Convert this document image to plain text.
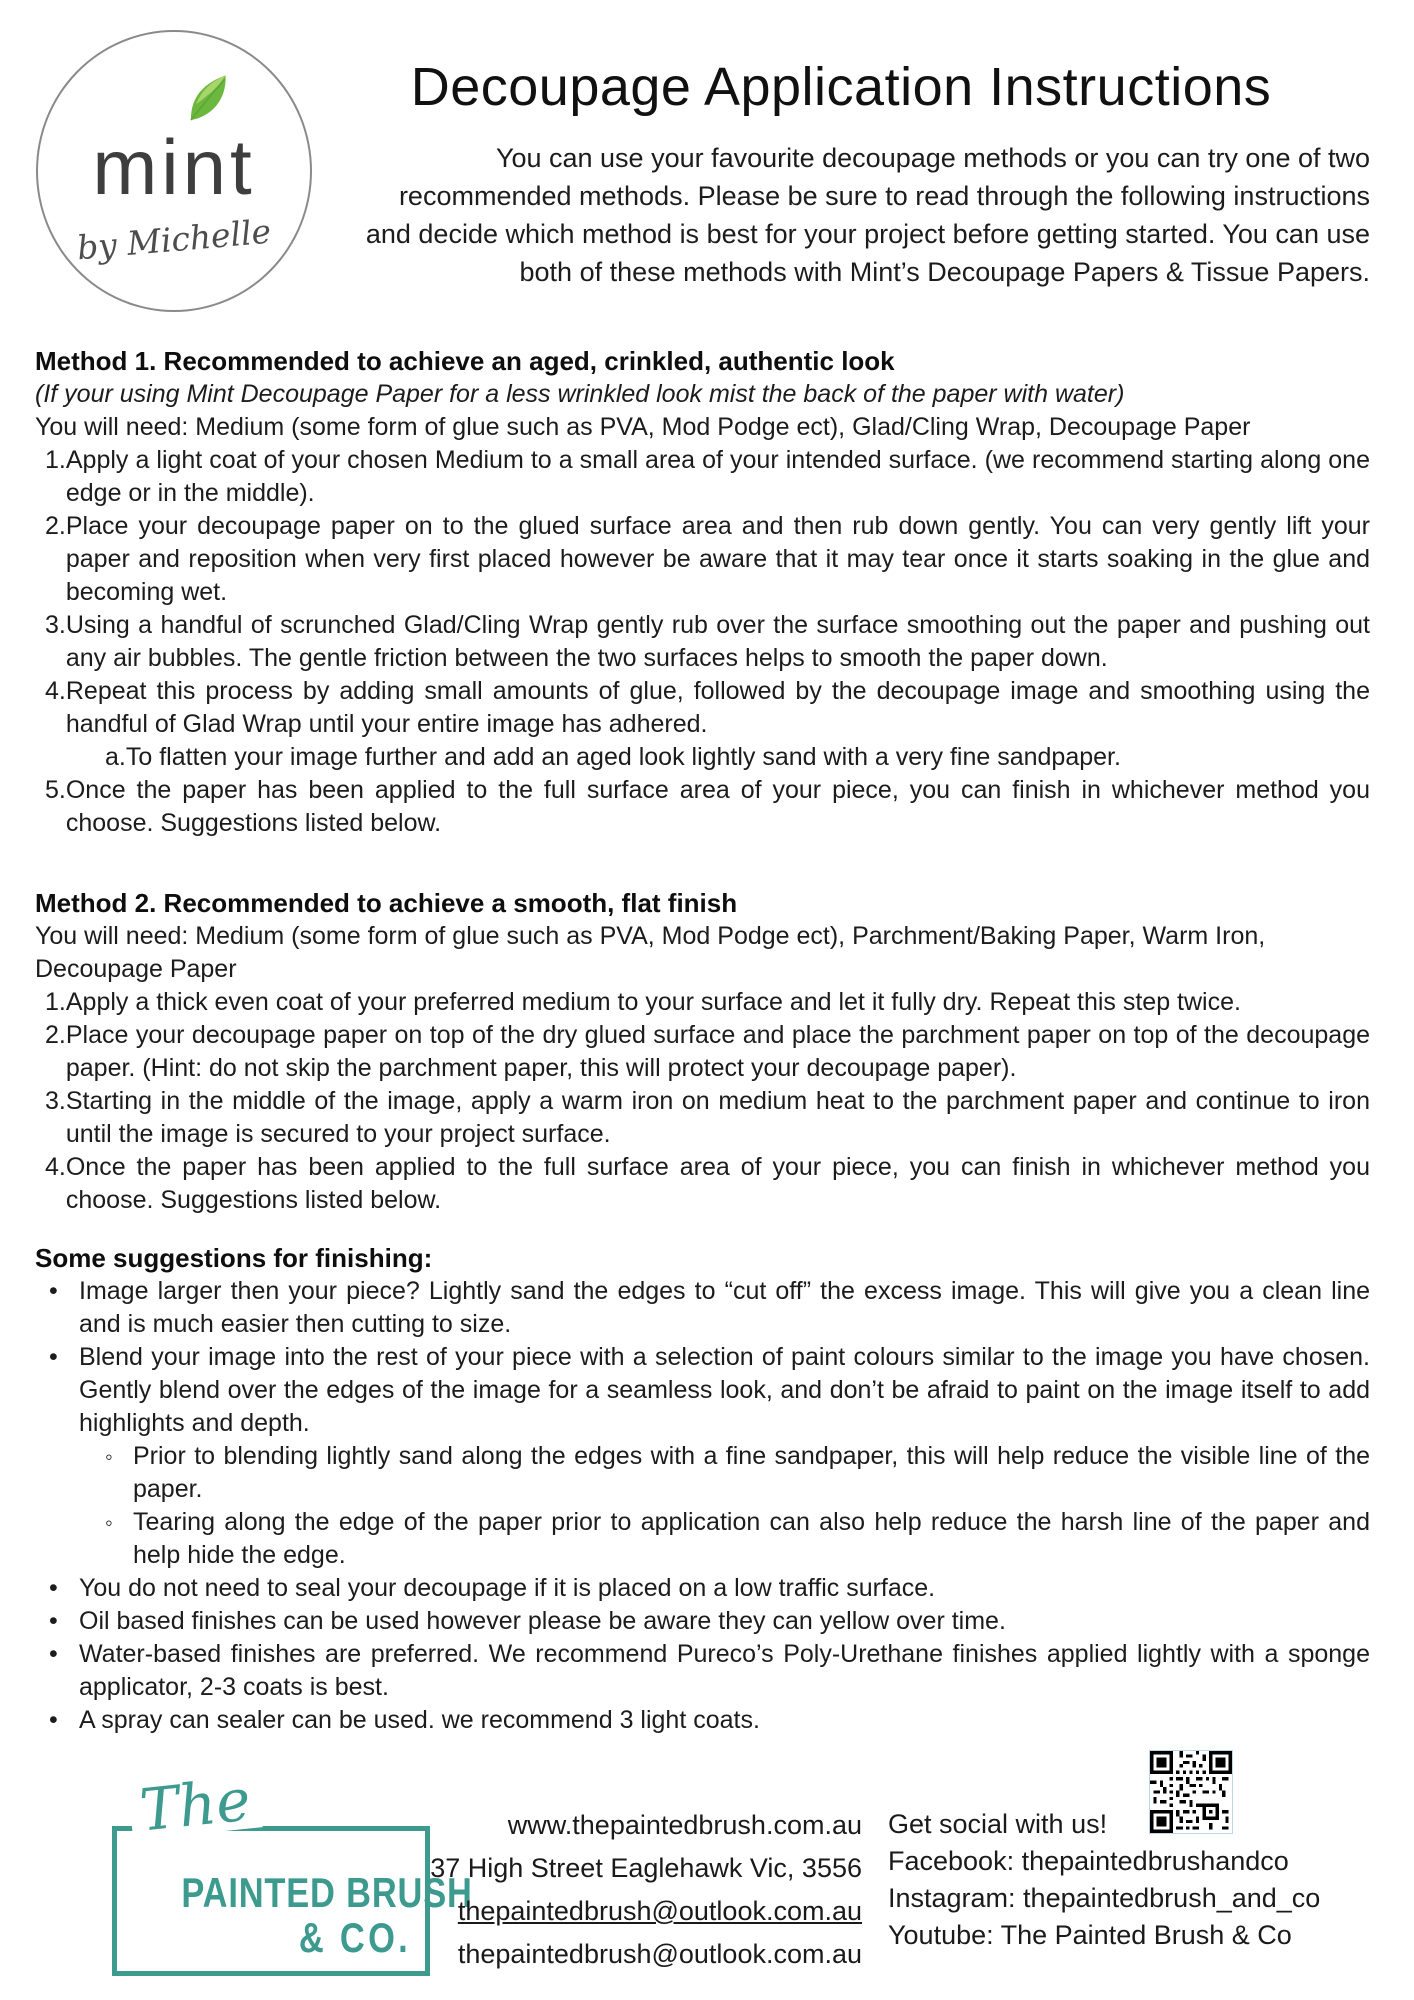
mint
by Michelle
Decoupage Application Instructions
You can use your favourite decoupage methods or you can try one of two
recommended methods. Please be sure to read through the following instructions
and decide which method is best for your project before getting started. You can use
both of these methods with Mint’s Decoupage Papers & Tissue Papers.
Method 1. Recommended to achieve an aged, crinkled, authentic look
(If your using Mint Decoupage Paper for a less wrinkled look mist the back of the paper with water)
You will need: Medium (some form of glue such as PVA, Mod Podge ect), Glad/Cling Wrap, Decoupage Paper
1. Apply a light coat of your chosen Medium to a small area of your intended surface. (we recommend starting along one edge or in the middle).
2. Place your decoupage paper on to the glued surface area and then rub down gently. You can very gently lift your paper and reposition when very first placed however be aware that it may tear once it starts soaking in the glue and becoming wet.
3. Using a handful of scrunched Glad/Cling Wrap gently rub over the surface smoothing out the paper and pushing out any air bubbles. The gentle friction between the two surfaces helps to smooth the paper down.
4. Repeat this process by adding small amounts of glue, followed by the decoupage image and smoothing using the handful of Glad Wrap until your entire image has adhered.
a. To flatten your image further and add an aged look lightly sand with a very fine sandpaper.
5. Once the paper has been applied to the full surface area of your piece, you can finish in whichever method you choose. Suggestions listed below.
Method 2. Recommended to achieve a smooth, flat finish
You will need: Medium (some form of glue such as PVA, Mod Podge ect), Parchment/Baking Paper, Warm Iron, Decoupage Paper
1. Apply a thick even coat of your preferred medium to your surface and let it fully dry. Repeat this step twice.
2. Place your decoupage paper on top of the dry glued surface and place the parchment paper on top of the decoupage paper. (Hint: do not skip the parchment paper, this will protect your decoupage paper).
3. Starting in the middle of the image, apply a warm iron on medium heat to the parchment paper and continue to iron until the image is secured to your project surface.
4. Once the paper has been applied to the full surface area of your piece, you can finish in whichever method you choose. Suggestions listed below.
Some suggestions for finishing:
• Image larger then your piece? Lightly sand the edges to “cut off” the excess image. This will give you a clean line and is much easier then cutting to size.
• Blend your image into the rest of your piece with a selection of paint colours similar to the image you have chosen. Gently blend over the edges of the image for a seamless look, and don’t be afraid to paint on the image itself to add highlights and depth.
◦ Prior to blending lightly sand along the edges with a fine sandpaper, this will help reduce the visible line of the paper.
◦ Tearing along the edge of the paper prior to application can also help reduce the harsh line of the paper and help hide the edge.
• You do not need to seal your decoupage if it is placed on a low traffic surface.
• Oil based finishes can be used however please be aware they can yellow over time.
• Water-based finishes are preferred. We recommend Pureco’s Poly-Urethane finishes applied lightly with a sponge applicator, 2-3 coats is best.
• A spray can sealer can be used. we recommend 3 light coats.
The
PAINTED BRUSH
& CO.
www.thepaintedbrush.com.au
37 High Street Eaglehawk Vic, 3556
thepaintedbrush@outlook.com.au
thepaintedbrush@outlook.com.au
Get social with us!
Facebook: thepaintedbrushandco
Instagram: thepaintedbrush_and_co
Youtube: The Painted Brush & Co
